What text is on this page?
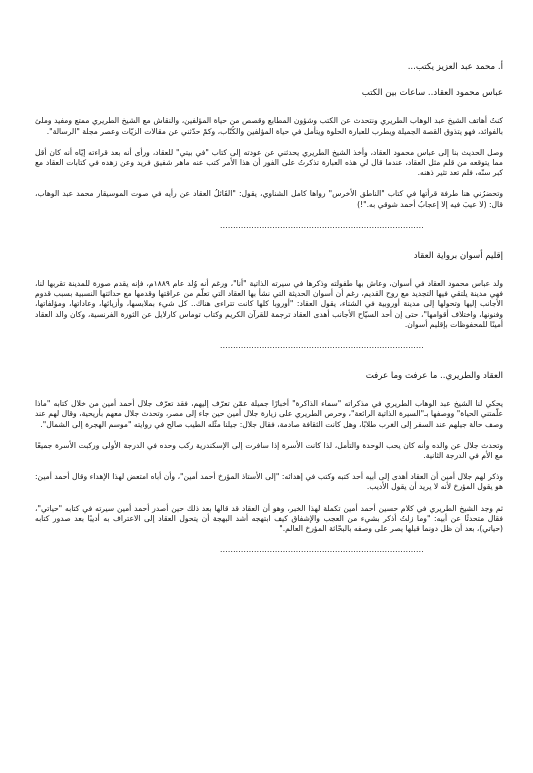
أ. محمد عبد العزيز يكتب...
عباس محمود العقاد.. ساعات بين الكتب

كنتُ أهاتف الشيخ عبد الوهاب الطريري ونتحدث عن الكتب وشؤون المطابع وقصص من حياة المؤلفين، والنقاش مع الشيخ الطريري ممتع ومفيد وملئ بالفوائد، فهو يتذوق القصة الجميلة ويطرب للعبارة الحلوة ويتأمل في حياة المؤلفين والكُتّاب، وكمْ حدّثني عن مقالات الزيّات وعصر مجلة "الرسالة".

وصل الحديث بنا إلى عباس محمود العقاد، وأخذ الشيخ الطريري يحدثني عن عودته إلى كتاب "في بيتي" للعقاد، ورأى أنه بعد قراءته إيّاه أنه كان أقل مما يتوقعه من قلم مثل العقاد، عندما قال لي هذه العبارة تذكرتُ على الفور أن هذا الأمر كتب عنه ماهر شفيق فريد وعن زهده في كتابات العقاد مع كبر سنّه، فلم تعد تثير ذهنه.

وتحضرُني هنا طرفة قرأتها في كتاب "الناطق الأخرس" رواها كامل الشناوي، يقول: "القَائلُ العقاد عن رأيه في صوت الموسيقار محمد عبد الوهاب، قال: (لا عيبَ فيه إلا إعجابُ أحمد شوقي به."!)

..............................................................................
إقليم أسوان برواية العقاد

ولد عباس محمود العقاد في أسوان، وعاش بها طفولته وذكرها في سيرته الذاتية "أنا"، ورغم أنه وُلد عام ١٨٨٩م، فإنه يقدم صورة للمدينة تقربها لنا، فهي مدينة يلتقي فيها التجديد مع روح القديم، رغم أن أسوان الحديثة التي نشأ بها العقاد التي تعلّم من عراقتها وقدمها مع حداثتها النسبية بسبب قدوم الأجانب إليها وتحولها إلى مدينة أوروبية في الشتاء، يقول العقاد: "أوروبا كلها كانت تتراءى هناك.. كل شيء بملابسها، وأزيائها، وعاداتها، ومؤلفاتها، وفنونها، واختلاف أقوامها"، حتى إن أحد السيّاح الأجانب أهدى العقاد ترجمة للقرآن الكريم وكتاب توماس كارلايل عن الثورة الفرنسية، وكان والد العقاد أمينًا للمحفوظات بإقليم أسوان.

..............................................................................
العقاد والطريري.. ما عرفت وما عرفت

يحكي لنا الشيخ عبد الوهاب الطريري في مذكراته "سماء الذاكرة" أخبارًا جميلة عمّن تعرّف إليهم، فقد تعرّف جلال أحمد أمين من خلال كتابه "ماذا علّمتني الحياة" ووصفها بـ"السيرة الذاتية الرائعة"، وحرص الطريري على زيارة جلال أمين حين جاء إلى مصر، وتحدث جلال معهم بأريحية، وقال لهم عند وصف حالة جيلهم عند السفر إلى الغرب طلابًا، وهل كانت الثقافة صادمة، فقال جلال: جيلنا مثّله الطيب صالح في روايته "موسم الهجرة إلى الشمال".

وتحدث جلال عن والده وأنه كان يحب الوحدة والتأمل، لذا كانت الأسرة إذا سافرت إلى الإسكندرية ركب وحده في الدرجة الأولى وركبت الأسرة جميعًا مع الأم في الدرجة الثانية.

وذكر لهم جلال أمين أن العقاد أهدى إلى أبيه أحد كتبه وكتب في إهدائه: "إلى الأستاذ المؤرخ أحمد أمين"، وأن أباه امتعض لهذا الإهداء وقال أحمد أمين: هو يقول المؤرخ لأنه لا يريد أن يقول الأديب.

ثم وجد الشيخ الطريري في كلام حسين أحمد أمين تكملة لهذا الخبر، وهو أن العقاد قد قالها بعد ذلك حين أصدر أحمد أمين سيرته في كتابه "حياتي"، فقال متحدثًا عن أبيه: "وما زلتُ أذكر بشيء من العجب والإشفاق كيف ابتهجه أشد البهجة أن يتحول العقاد إلى الاعتراف به أديبًا بعد صدور كتابه (حياتي)، بعد أن ظل دونما قبلها يصر على وصفه بالبحّاثة المؤرخ العالم."

..............................................................................
